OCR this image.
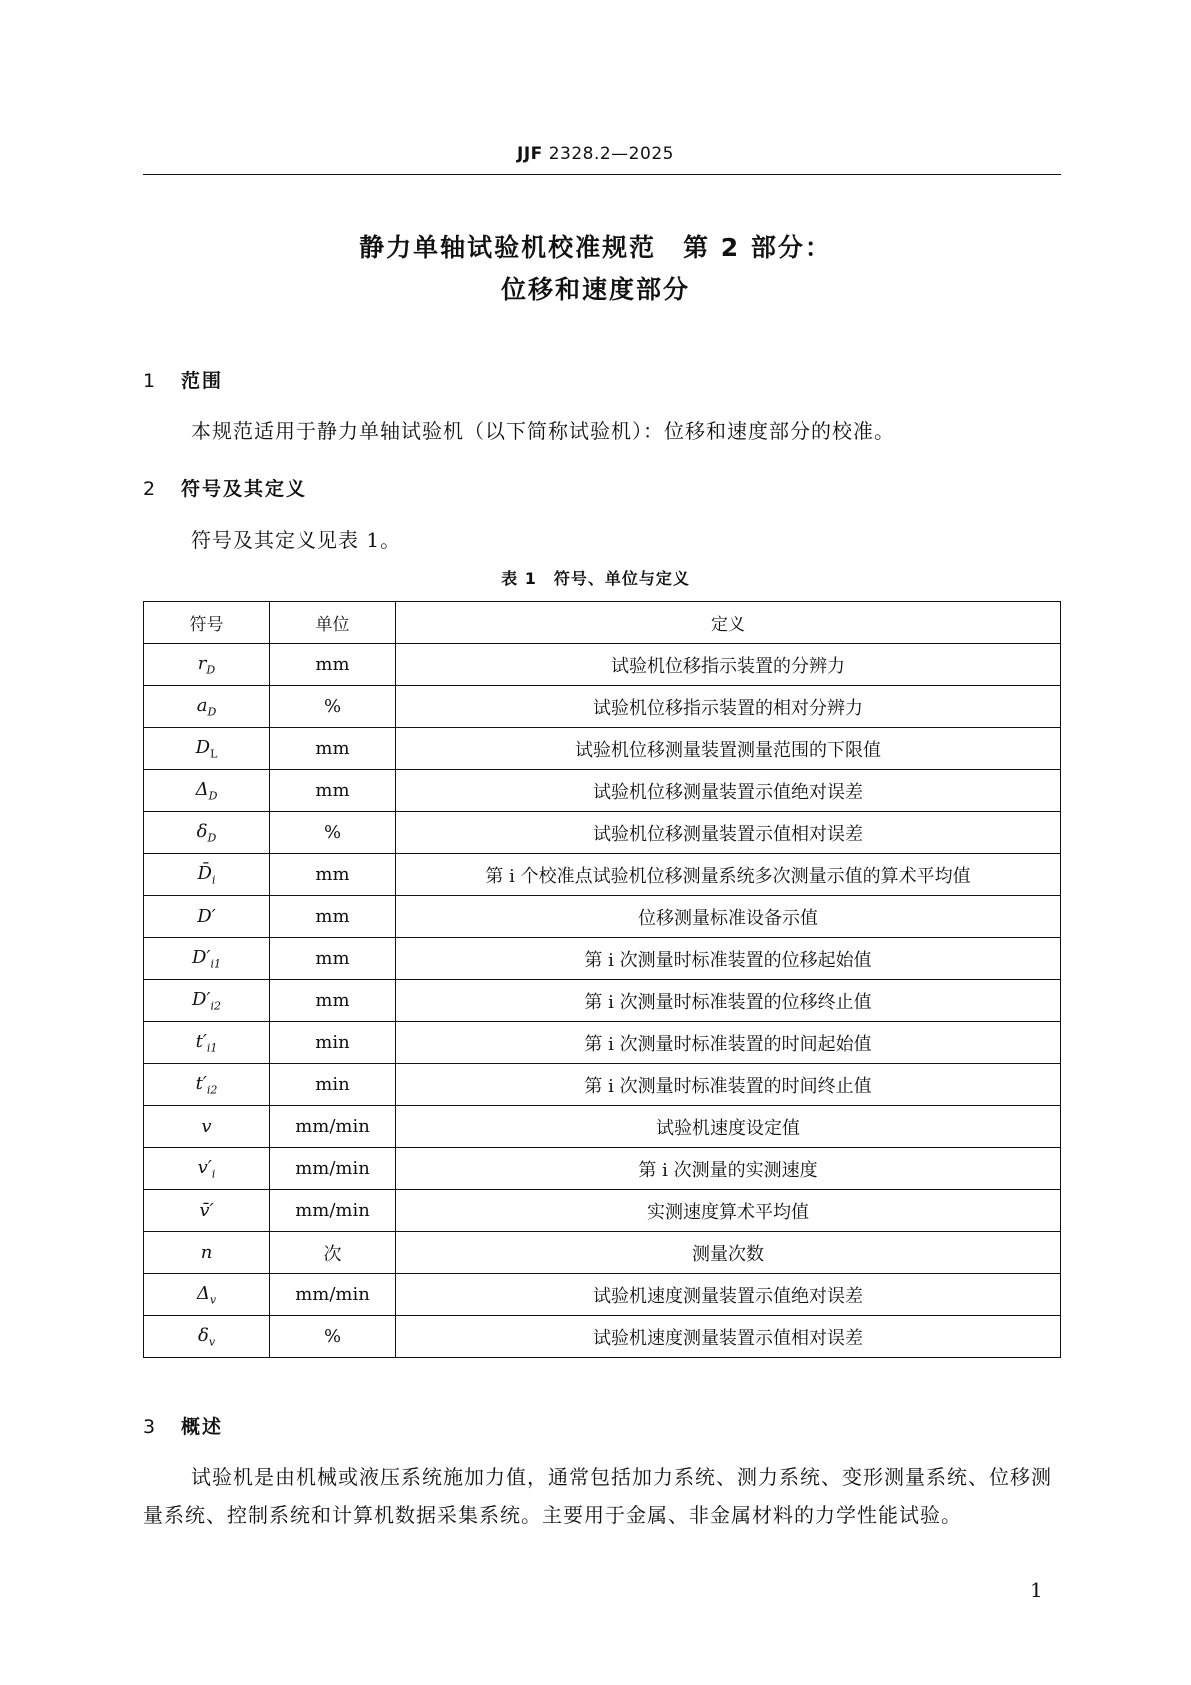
JJF 2328.2—2025
静力单轴试验机校准规范　第 2 部分：
位移和速度部分
1 范围
本规范适用于静力单轴试验机（以下简称试验机）：位移和速度部分的校准。
2 符号及其定义
符号及其定义见表 1。
表 1　符号、单位与定义
符号	单位	定义
$r_D$	mm	试验机位移指示装置的分辨力
$a_D$	%	试验机位移指示装置的相对分辨力
$D_L$	mm	试验机位移测量装置测量范围的下限值
$\Delta_D$	mm	试验机位移测量装置示值绝对误差
$\delta_D$	%	试验机位移测量装置示值相对误差
$D̄_i$	mm	第 i 个校准点试验机位移测量系统多次测量示值的算术平均值
D′	mm	位移测量标准设备示值
$D'_{i1}$	mm	第 i 次测量时标准装置的位移起始值
$D'_{i2}$	mm	第 i 次测量时标准装置的位移终止值
$t'_{i1}$	min	第 i 次测量时标准装置的时间起始值
$t'_{i2}$	min	第 i 次测量时标准装置的时间终止值
v	mm/min	试验机速度设定值
$v'_i$	mm/min	第 i 次测量的实测速度
v̄′	mm/min	实测速度算术平均值
n	次	测量次数
$\Delta_v$	mm/min	试验机速度测量装置示值绝对误差
$\delta_v$	%	试验机速度测量装置示值相对误差
3 概述
试验机是由机械或液压系统施加力值，通常包括加力系统、测力系统、变形测量系统、位移测量系统、控制系统和计算机数据采集系统。主要用于金属、非金属材料的力学性能试验。
1
